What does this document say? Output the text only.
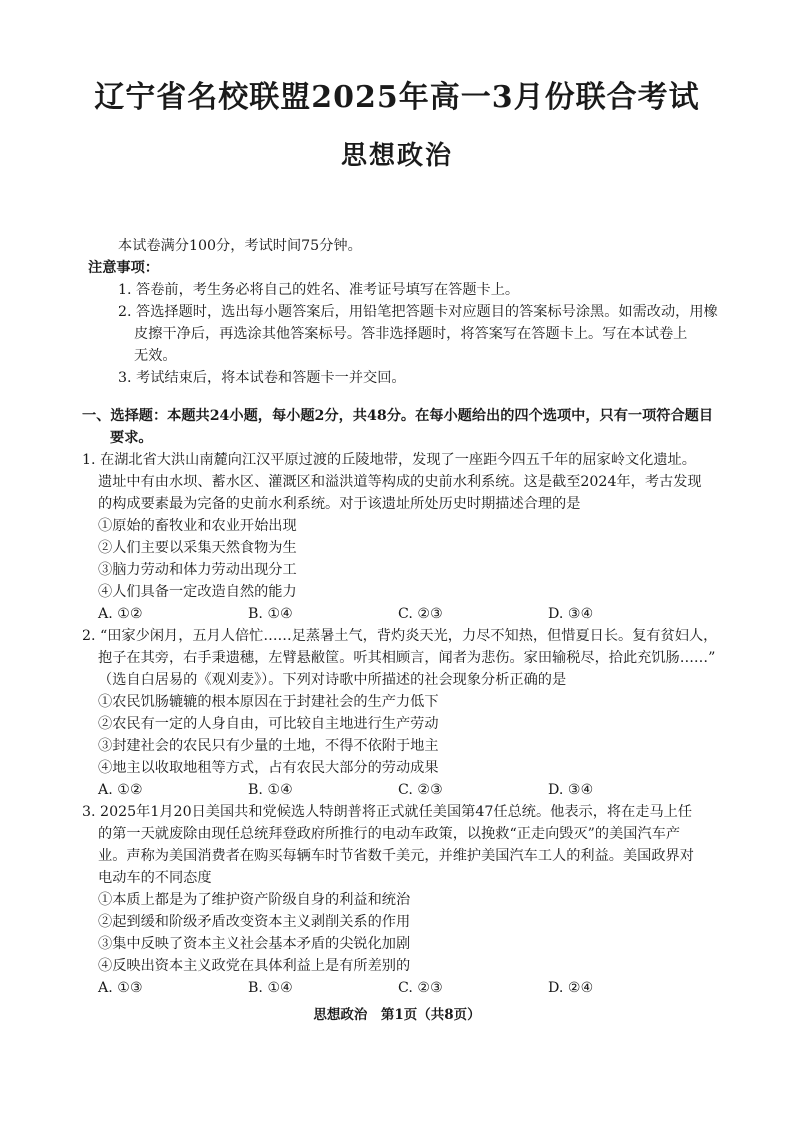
辽宁省名校联盟2025年高一3月份联合考试
思想政治
本试卷满分100分，考试时间75分钟。
注意事项：
1. 答卷前，考生务必将自己的姓名、准考证号填写在答题卡上。
2. 答选择题时，选出每小题答案后，用铅笔把答题卡对应题目的答案标号涂黑。如需改动，用橡
皮擦干净后，再选涂其他答案标号。答非选择题时，将答案写在答题卡上。写在本试卷上
无效。
3. 考试结束后，将本试卷和答题卡一并交回。
一、选择题：本题共24小题，每小题2分，共48分。在每小题给出的四个选项中，只有一项符合题目
要求。
1. 在湖北省大洪山南麓向江汉平原过渡的丘陵地带，发现了一座距今四五千年的屈家岭文化遗址。
遗址中有由水坝、蓄水区、灌溉区和溢洪道等构成的史前水利系统。这是截至2024年，考古发现
的构成要素最为完备的史前水利系统。对于该遗址所处历史时期描述合理的是
①原始的畜牧业和农业开始出现
②人们主要以采集天然食物为生
③脑力劳动和体力劳动出现分工
④人们具备一定改造自然的能力
A. ①②	B. ①④	C. ②③	D. ③④
2. “田家少闲月，五月人倍忙……足蒸暑土气，背灼炎天光，力尽不知热，但惜夏日长。复有贫妇人，
抱子在其旁，右手秉遗穗，左臂悬敝筐。听其相顾言，闻者为悲伤。家田输税尽，拾此充饥肠……”
（选自白居易的《观刈麦》）。下列对诗歌中所描述的社会现象分析正确的是
①农民饥肠辘辘的根本原因在于封建社会的生产力低下
②农民有一定的人身自由，可比较自主地进行生产劳动
③封建社会的农民只有少量的土地，不得不依附于地主
④地主以收取地租等方式，占有农民大部分的劳动成果
A. ①②	B. ①④	C. ②③	D. ③④
3. 2025年1月20日美国共和党候选人特朗普将正式就任美国第47任总统。他表示，将在走马上任
的第一天就废除由现任总统拜登政府所推行的电动车政策，以挽救“正走向毁灭”的美国汽车产
业。声称为美国消费者在购买每辆车时节省数千美元，并维护美国汽车工人的利益。美国政界对
电动车的不同态度
①本质上都是为了维护资产阶级自身的利益和统治
②起到缓和阶级矛盾改变资本主义剥削关系的作用
③集中反映了资本主义社会基本矛盾的尖锐化加剧
④反映出资本主义政党在具体利益上是有所差别的
A. ①③	B. ①④	C. ②③	D. ②④
思想政治　第1页（共8页）
